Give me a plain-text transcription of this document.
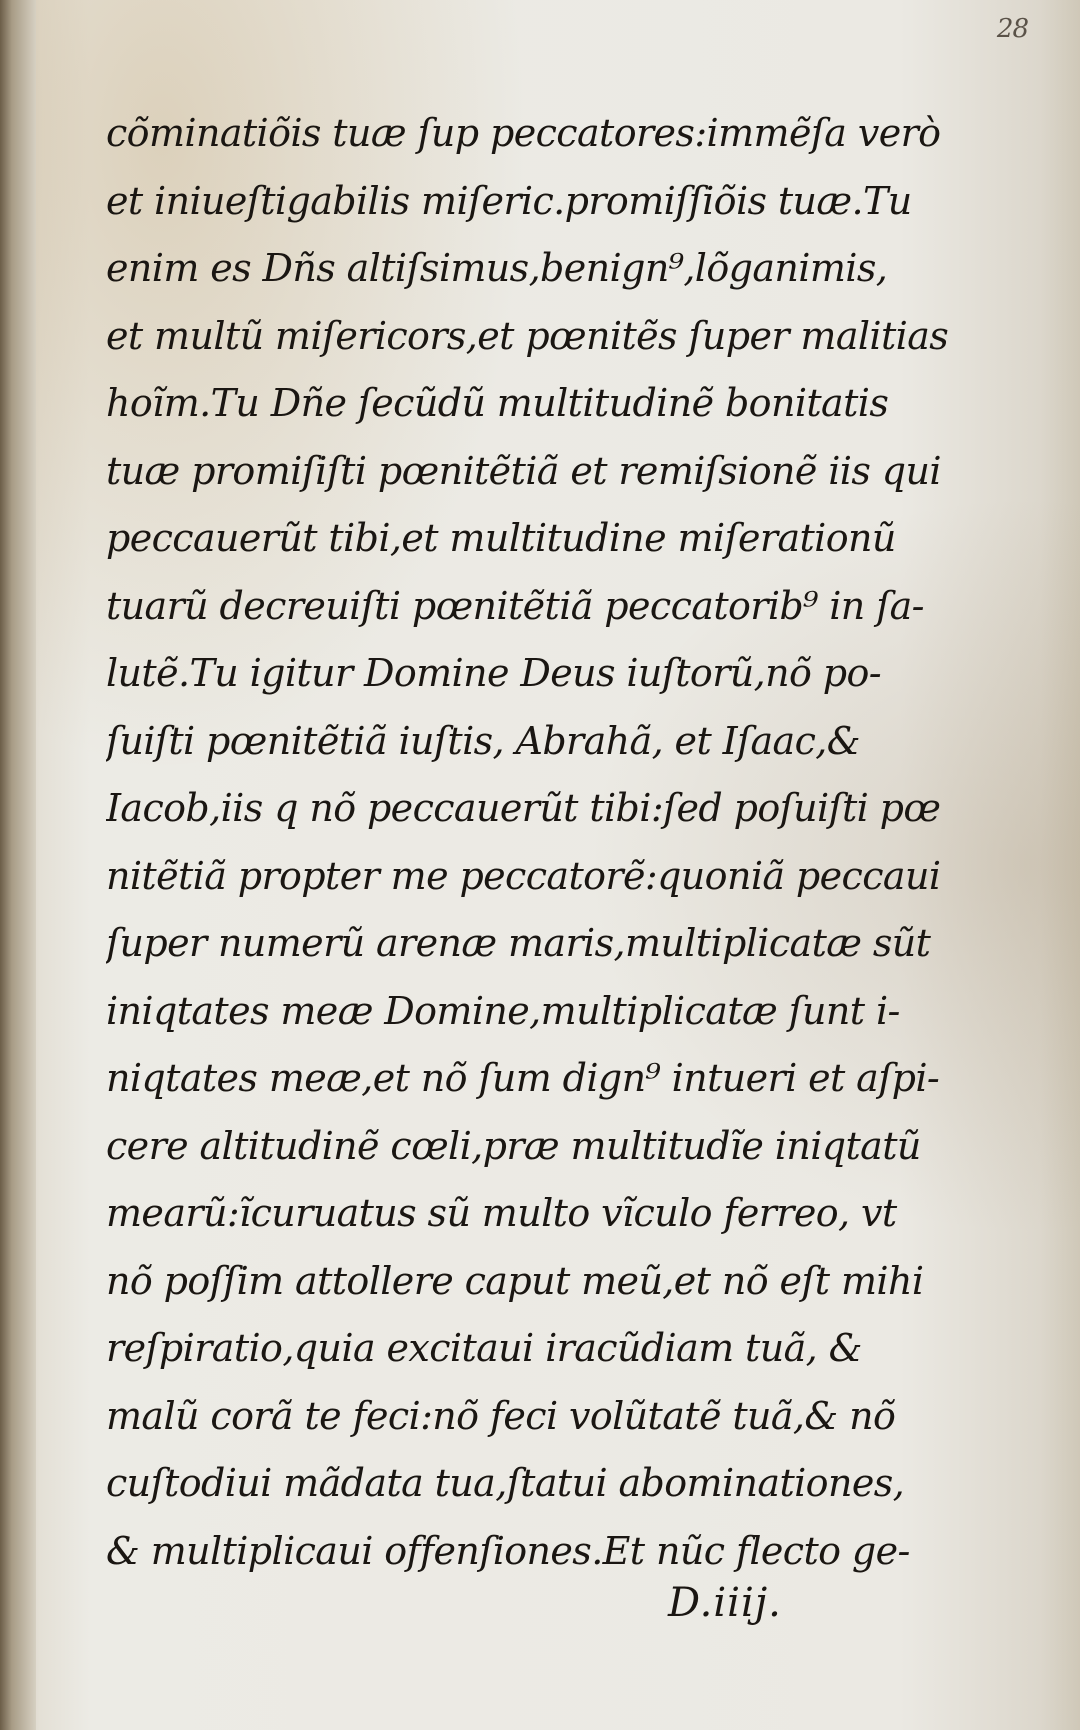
28
cõminatiõis tuæ ſup peccatores:immẽſa verò
et iniueſtigabilis miſeric.promiſſiõis tuæ.Tu
enim es Dñs altiſsimus,benign⁹,lõganimis,
et multũ miſericors,et pœnitẽs ſuper malitias
hoĩm.Tu Dñe ſecũdũ multitudinẽ bonitatis
tuæ promiſiſti pœnitẽtiã et remiſsionẽ iis qui
peccauerũt tibi,et multitudine miſerationũ
tuarũ decreuiſti pœnitẽtiã peccatorib⁹ in ſa-
lutẽ.Tu igitur Domine Deus iuſtorũ,nõ po-
ſuiſti pœnitẽtiã iuſtis, Abrahã, et Iſaac,&
Iacob,iis q nõ peccauerũt tibi:ſed poſuiſti pœ
nitẽtiã propter me peccatorẽ:quoniã peccaui
ſuper numerũ arenæ maris,multiplicatæ sũt
iniqtates meæ Domine,multiplicatæ ſunt i-
niqtates meæ,et nõ ſum dign⁹ intueri et aſpi-
cere altitudinẽ cœli,præ multitudĩe iniqtatũ
mearũ:ĩcuruatus sũ multo vĩculo ferreo, vt
nõ poſſim attollere caput meũ,et nõ eſt mihi
reſpiratio,quia excitaui iracũdiam tuã, &
malũ corã te feci:nõ feci volũtatẽ tuã,& nõ
cuſtodiui mãdata tua,ſtatui abominationes,
& multiplicaui offenſiones.Et nũc flecto ge-
D.iiij.
